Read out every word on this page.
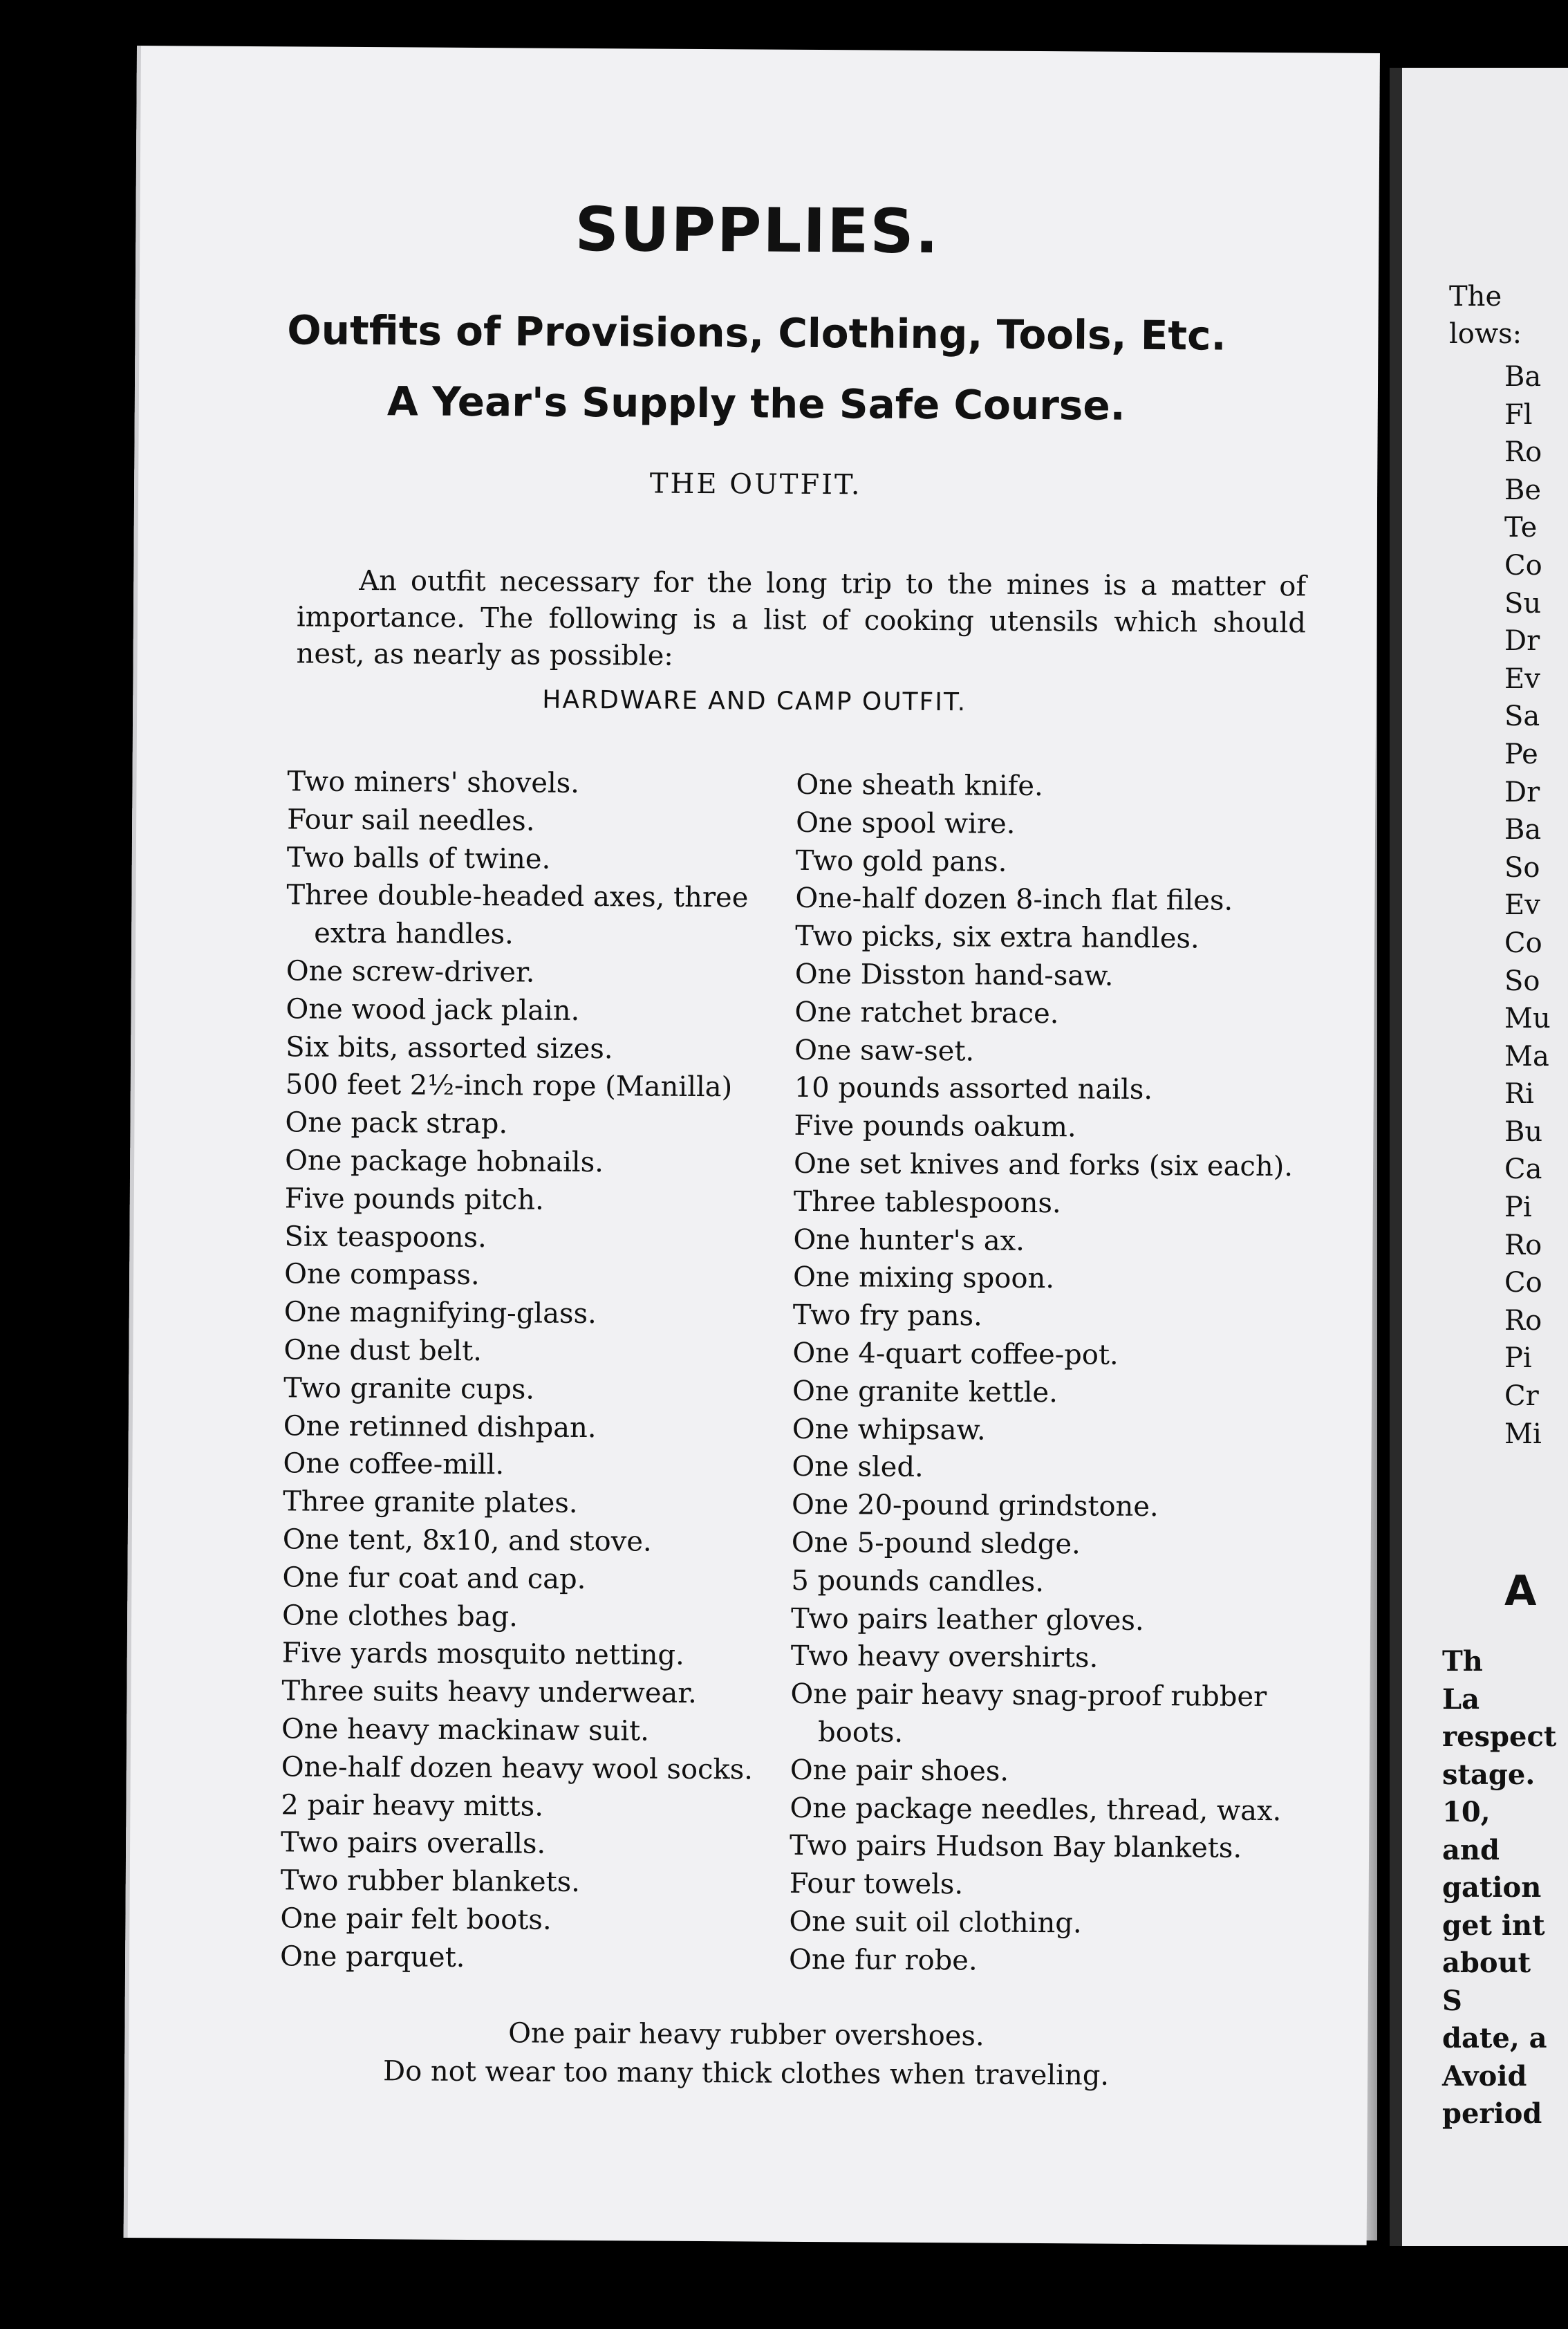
SUPPLIES.
Outfits of Provisions, Clothing, Tools, Etc.
A Year's Supply the Safe Course.
THE OUTFIT.

An outfit necessary for the long trip to the mines is a matter of importance. The following is a list of cooking utensils which should nest, as nearly as possible:

HARDWARE AND CAMP OUTFIT.
Two miners' shovels.
Four sail needles.
Two balls of twine.
Three double-headed axes, three extra handles.
One screw-driver.
One wood jack plain.
Six bits, assorted sizes.
500 feet 2½-inch rope (Manilla)
One pack strap.
One package hobnails.
Five pounds pitch.
Six teaspoons.
One compass.
One magnifying-glass.
One dust belt.
Two granite cups.
One retinned dishpan.
One coffee-mill.
Three granite plates.
One tent, 8x10, and stove.
One fur coat and cap.
One clothes bag.
Five yards mosquito netting.
Three suits heavy underwear.
One heavy mackinaw suit.
One-half dozen heavy wool socks.
2 pair heavy mitts.
Two pairs overalls.
Two rubber blankets.
One pair felt boots.
One parquet.
One sheath knife.
One spool wire.
Two gold pans.
One-half dozen 8-inch flat files.
Two picks, six extra handles.
One Disston hand-saw.
One ratchet brace.
One saw-set.
10 pounds assorted nails.
Five pounds oakum.
One set knives and forks (six each).
Three tablespoons.
One hunter's ax.
One mixing spoon.
Two fry pans.
One 4-quart coffee-pot.
One granite kettle.
One whipsaw.
One sled.
One 20-pound grindstone.
One 5-pound sledge.
5 pounds candles.
Two pairs leather gloves.
Two heavy overshirts.
One pair heavy snag-proof rubber boots.
One pair shoes.
One package needles, thread, wax.
Two pairs Hudson Bay blankets.
Four towels.
One suit oil clothing.
One fur robe.
One pair heavy rubber overshoes.
Do not wear too many thick clothes when traveling.
The
lows:
Ba
Fl
Ro
Be
Te
Co
Su
Dr
Ev
Sa
Pe
Dr
Ba
So
Ev
Co
So
Mu
Ma
Ri
Bu
Ca
Pi
Ro
Co
Ro
Pi
Cr
Mi
A
Th
La
respect
stage.
10, and
gation
get int
about S
date, a
Avoid
period
